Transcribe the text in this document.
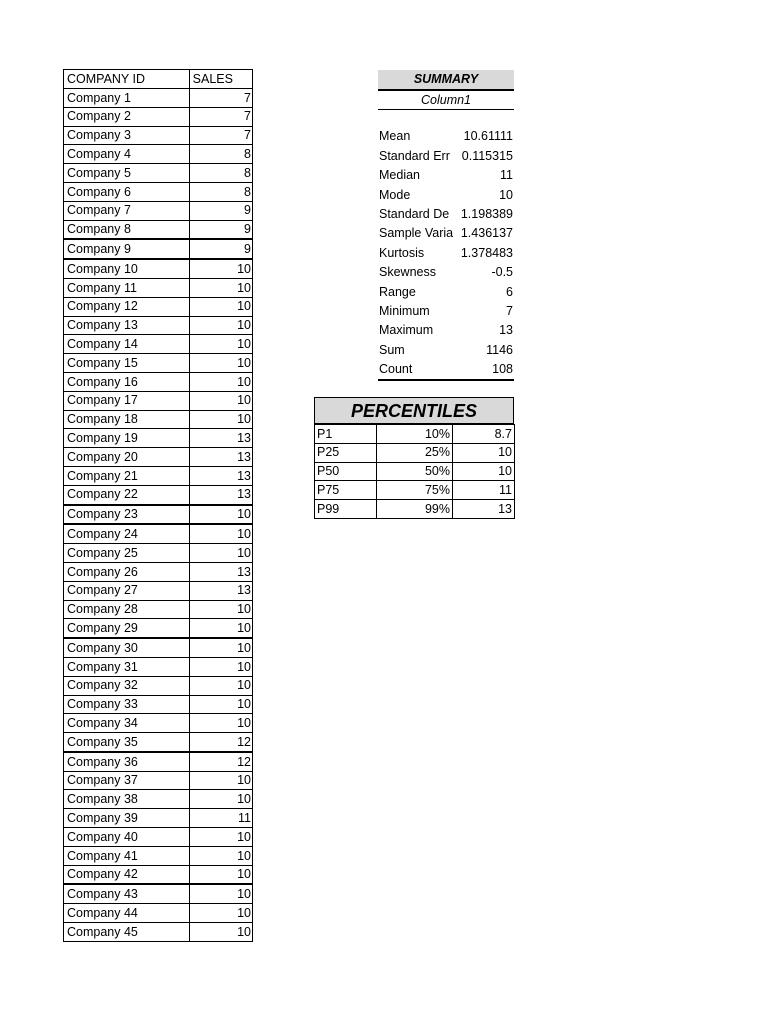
COMPANY ID	SALES
Company 1	7
Company 2	7
Company 3	7
Company 4	8
Company 5	8
Company 6	8
Company 7	9
Company 8	9
Company 9	9
Company 10	10
Company 11	10
Company 12	10
Company 13	10
Company 14	10
Company 15	10
Company 16	10
Company 17	10
Company 18	10
Company 19	13
Company 20	13
Company 21	13
Company 22	13
Company 23	10
Company 24	10
Company 25	10
Company 26	13
Company 27	13
Company 28	10
Company 29	10
Company 30	10
Company 31	10
Company 32	10
Company 33	10
Company 34	10
Company 35	12
Company 36	12
Company 37	10
Company 38	10
Company 39	11
Company 40	10
Company 41	10
Company 42	10
Company 43	10
Company 44	10
Company 45	10
SUMMARY
Column1
Mean	10.61111
Standard Err	0.115315
Median	11
Mode	10
Standard De	1.198389
Sample Varia	1.436137
Kurtosis	1.378483
Skewness	-0.5
Range	6
Minimum	7
Maximum	13
Sum	1146
Count	108
PERCENTILES
P1	10%	8.7
P25	25%	10
P50	50%	10
P75	75%	11
P99	99%	13
